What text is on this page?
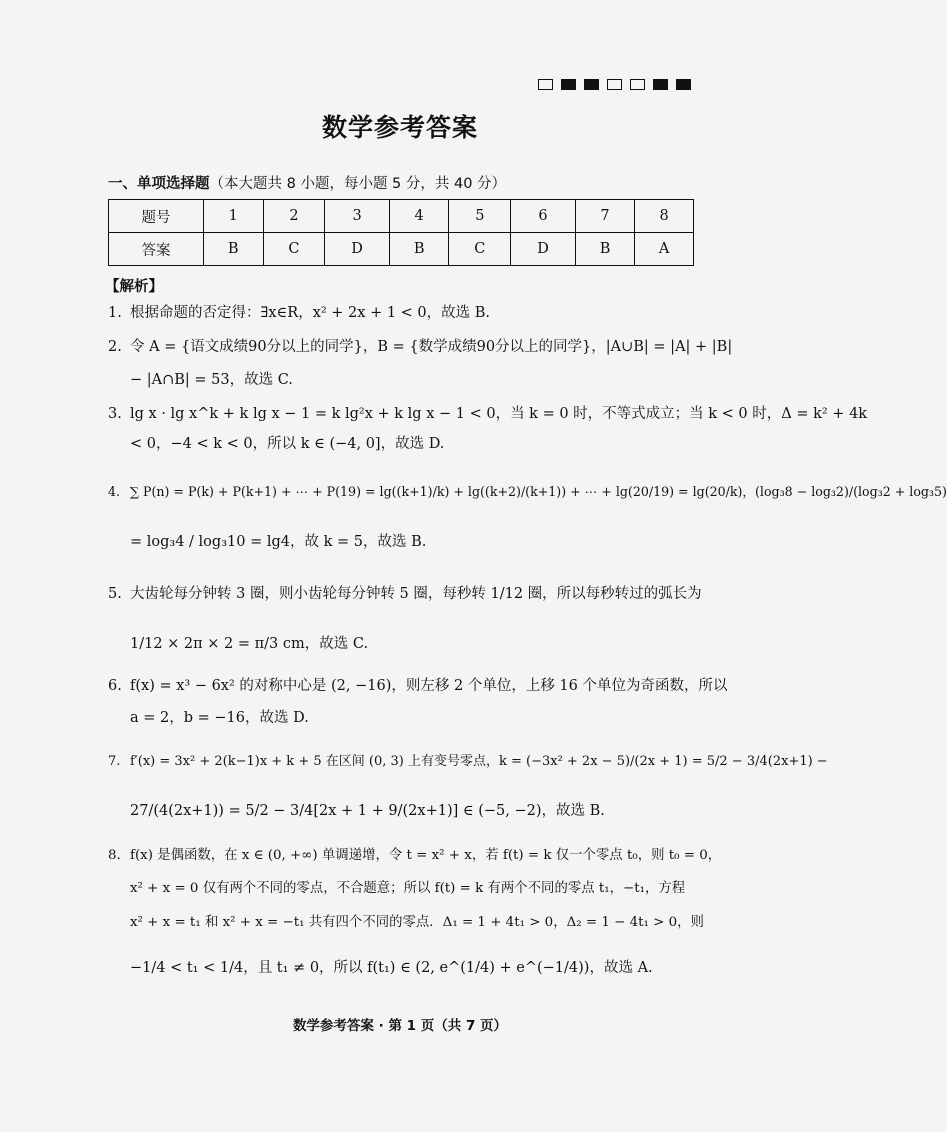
数学参考答案
一、单项选择题（本大题共 8 小题，每小题 5 分，共 40 分）
题号	1	2	3	4	5	6	7	8
答案	B	C	D	B	C	D	B	A
【解析】
1. 根据命题的否定得：∃x∈R，x² + 2x + 1 < 0，故选 B.
2. 令 A = {语文成绩90分以上的同学}，B = {数学成绩90分以上的同学}，|A∪B| = |A| + |B|
− |A∩B| = 53，故选 C.
3. lg x · lg x^k + k lg x − 1 = k lg²x + k lg x − 1 < 0，当 k = 0 时，不等式成立；当 k < 0 时，Δ = k² + 4k
< 0，−4 < k < 0，所以 k ∈ (−4, 0]，故选 D.
4. ∑ P(n) = P(k) + P(k+1) + ⋯ + P(19) = lg((k+1)/k) + lg((k+2)/(k+1)) + ⋯ + lg(20/19) = lg(20/k)，(log₃8 − log₃2)/(log₃2 + log₃5)
= log₃4 / log₃10 = lg4，故 k = 5，故选 B.
5. 大齿轮每分钟转 3 圈，则小齿轮每分钟转 5 圈，每秒转 1/12 圈，所以每秒转过的弧长为
1/12 × 2π × 2 = π/3 cm，故选 C.
6. f(x) = x³ − 6x² 的对称中心是 (2, −16)，则左移 2 个单位，上移 16 个单位为奇函数，所以
a = 2，b = −16，故选 D.
7. f′(x) = 3x² + 2(k−1)x + k + 5 在区间 (0, 3) 上有变号零点，k = (−3x² + 2x − 5)/(2x + 1) = 5/2 − 3/4(2x+1) −
27/(4(2x+1)) = 5/2 − 3/4[2x + 1 + 9/(2x+1)] ∈ (−5, −2)，故选 B.
8. f(x) 是偶函数，在 x ∈ (0, +∞) 单调递增，令 t = x² + x，若 f(t) = k 仅一个零点 t₀，则 t₀ = 0，
x² + x = 0 仅有两个不同的零点，不合题意；所以 f(t) = k 有两个不同的零点 t₁，−t₁，方程
x² + x = t₁ 和 x² + x = −t₁ 共有四个不同的零点．Δ₁ = 1 + 4t₁ > 0，Δ₂ = 1 − 4t₁ > 0，则
−1/4 < t₁ < 1/4，且 t₁ ≠ 0，所以 f(t₁) ∈ (2, e^(1/4) + e^(−1/4))，故选 A.
数学参考答案 · 第 1 页（共 7 页）
